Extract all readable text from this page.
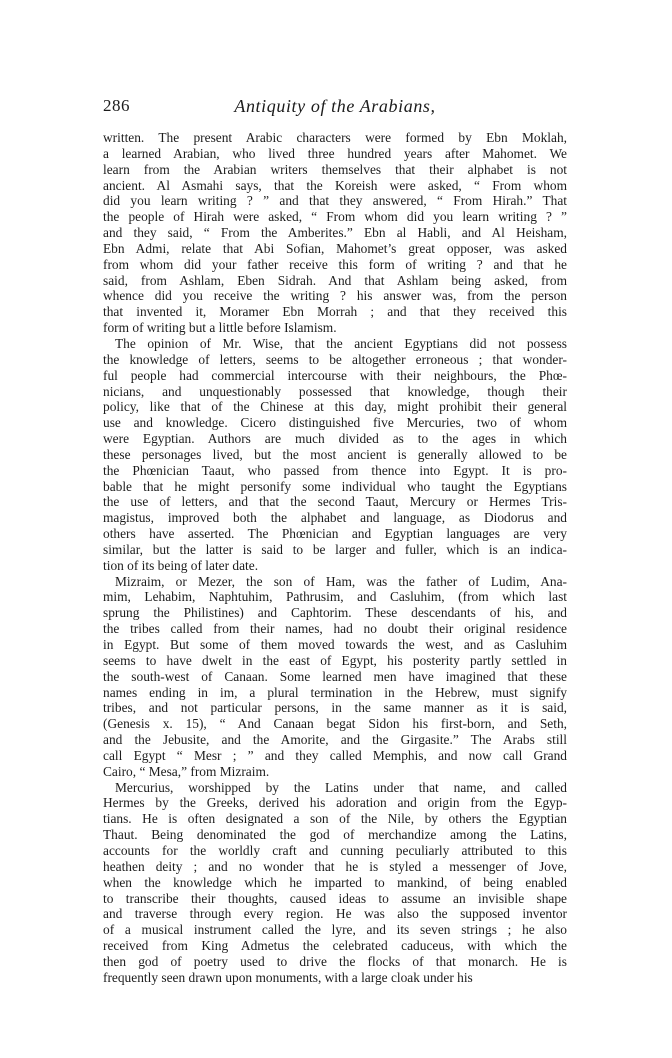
286	Antiquity of the Arabians,
written. The present Arabic characters were formed by Ebn Moklah,
a learned Arabian, who lived three hundred years after Mahomet. We
learn from the Arabian writers themselves that their alphabet is not
ancient. Al Asmahi says, that the Koreish were asked, “ From whom
did you learn writing ? ” and that they answered, “ From Hirah.” That
the people of Hirah were asked, “ From whom did you learn writing ? ”
and they said, “ From the Amberites.” Ebn al Habli, and Al Heisham,
Ebn Admi, relate that Abi Sofian, Mahomet’s great opposer, was asked
from whom did your father receive this form of writing ? and that he
said, from Ashlam, Eben Sidrah. And that Ashlam being asked, from
whence did you receive the writing ? his answer was, from the person
that invented it, Moramer Ebn Morrah ; and that they received this
form of writing but a little before Islamism.
The opinion of Mr. Wise, that the ancient Egyptians did not possess
the knowledge of letters, seems to be altogether erroneous ; that wonder-
ful people had commercial intercourse with their neighbours, the Phœ-
nicians, and unquestionably possessed that knowledge, though their
policy, like that of the Chinese at this day, might prohibit their general
use and knowledge. Cicero distinguished five Mercuries, two of whom
were Egyptian. Authors are much divided as to the ages in which
these personages lived, but the most ancient is generally allowed to be
the Phœnician Taaut, who passed from thence into Egypt. It is pro-
bable that he might personify some individual who taught the Egyptians
the use of letters, and that the second Taaut, Mercury or Hermes Tris-
magistus, improved both the alphabet and language, as Diodorus and
others have asserted. The Phœnician and Egyptian languages are very
similar, but the latter is said to be larger and fuller, which is an indica-
tion of its being of later date.
Mizraim, or Mezer, the son of Ham, was the father of Ludim, Ana-
mim, Lehabim, Naphtuhim, Pathrusim, and Casluhim, (from which last
sprung the Philistines) and Caphtorim. These descendants of his, and
the tribes called from their names, had no doubt their original residence
in Egypt. But some of them moved towards the west, and as Casluhim
seems to have dwelt in the east of Egypt, his posterity partly settled in
the south-west of Canaan. Some learned men have imagined that these
names ending in im, a plural termination in the Hebrew, must signify
tribes, and not particular persons, in the same manner as it is said,
(Genesis x. 15), “ And Canaan begat Sidon his first-born, and Seth,
and the Jebusite, and the Amorite, and the Girgasite.” The Arabs still
call Egypt “ Mesr ; ” and they called Memphis, and now call Grand
Cairo, “ Mesa,” from Mizraim.
Mercurius, worshipped by the Latins under that name, and called
Hermes by the Greeks, derived his adoration and origin from the Egyp-
tians. He is often designated a son of the Nile, by others the Egyptian
Thaut. Being denominated the god of merchandize among the Latins,
accounts for the worldly craft and cunning peculiarly attributed to this
heathen deity ; and no wonder that he is styled a messenger of Jove,
when the knowledge which he imparted to mankind, of being enabled
to transcribe their thoughts, caused ideas to assume an invisible shape
and traverse through every region. He was also the supposed inventor
of a musical instrument called the lyre, and its seven strings ; he also
received from King Admetus the celebrated caduceus, with which the
then god of poetry used to drive the flocks of that monarch. He is
frequently seen drawn upon monuments, with a large cloak under his
